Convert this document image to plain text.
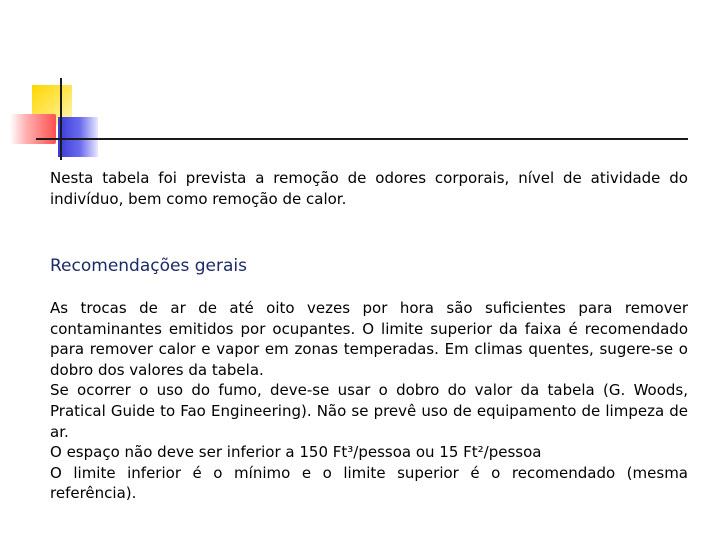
Nesta tabela foi prevista a remoção de odores corporais, nível de atividade do indivíduo, bem como remoção de calor.

Recomendações gerais

As trocas de ar de até oito vezes por hora são suficientes para remover contaminantes emitidos por ocupantes. O limite superior da faixa é recomendado para remover calor e vapor em zonas temperadas. Em climas quentes, sugere-se o dobro dos valores da tabela.

Se ocorrer o uso do fumo, deve-se usar o dobro do valor da tabela (G. Woods, Pratical Guide to Fao Engineering). Não se prevê uso de equipamento de limpeza de ar.

O espaço não deve ser inferior a 150 Ft³/pessoa ou 15 Ft²/pessoa

O limite inferior é o mínimo e o limite superior é o recomendado (mesma referência).
